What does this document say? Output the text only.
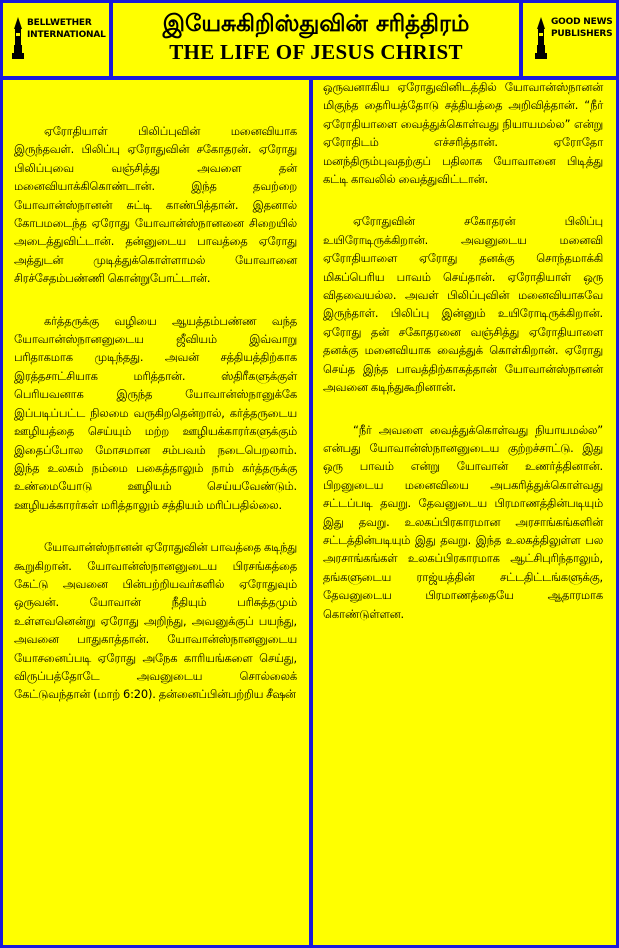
BELLWETHER
INTERNATIONAL	இயேசுகிறிஸ்துவின் சரித்திரம்
THE LIFE OF JESUS CHRIST
GOOD NEWS
PUBLISHERS

ஏரோதியாள் பிலிப்புவின் மனைவியாக இருந்தவள். பிலிப்பு ஏரோதுவின் சகோதரன். ஏரோது பிலிப்புவை வஞ்சித்து அவளை தன் மனைவியாக்கிகொண்டான். இந்த தவற்றை யோவான்ஸ்நானன் சுட்டி காண்பித்தான். இதனால் கோபமடைந்த ஏரோது யோவான்ஸ்நானனை சிறையில் அடைத்துவிட்டான். தன்னுடைய பாவத்தை ஏரோது அத்துடன் முடித்துக்கொள்ளாமல் யோவானை சிரச்சேதம்பண்ணி கொன்றுபோட்டான்.

கர்த்தருக்கு வழியை ஆயத்தம்பண்ண வந்த யோவான்ஸ்நானனுடைய ஜீவியம் இவ்வாறு பரிதாகமாக முடிந்தது. அவன் சத்தியத்திற்காக இரத்தசாட்சியாக மரித்தான். ஸ்திரீகளுக்குள் பெரியவனாக இருந்த யோவான்ஸ்நானுக்கே இப்படிப்பட்ட நிலமை வருகிறதென்றால், கர்த்தருடைய ஊழியத்தை செய்யும் மற்ற ஊழியக்காரர்களுக்கும் இதைப்போல மோசமான சம்பவம் நடைபெறலாம். இந்த உலகம் நம்மை பகைத்தாலும் நாம் கர்த்தருக்கு உண்மையோடு ஊழியம் செய்யவேண்டும். ஊழியக்காரர்கள் மரித்தாலும் சத்தியம் மரிப்பதில்லை.

யோவான்ஸ்நானன் ஏரோதுவின் பாவத்தை கடிந்து கூறுகிறான். யோவான்ஸ்நானனுடைய பிரசங்கத்தை கேட்டு அவனை பின்பற்றியவர்களில் ஏரோதுவும் ஒருவன். யோவான் நீதியும் பரிசுத்தமும் உள்ளவனென்று ஏரோது அறிந்து, அவனுக்குப் பயந்து, அவனை பாதுகாத்தான். யோவான்ஸ்நானனுடைய யோசனைப்படி ஏரோது அநேக காரியங்களை செய்து, விருப்பத்தோடே அவனுடைய சொல்லைக் கேட்டுவந்தான் (மாற் 6:20). தன்னைப்பின்பற்றிய சீஷன்

ஒருவனாகிய ஏரோதுவினிடத்தில் யோவான்ஸ்நானன் மிகுந்த தைரியத்தோடு சத்தியத்தை அறிவித்தான். “நீர் ஏரோதியாளை வைத்துக்கொள்வது நியாயமல்ல” என்று ஏரோதிடம் எச்சரித்தான். ஏரோதோ மனந்திரும்புவதற்குப் பதிலாக யோவானை பிடித்து கட்டி காவலில் வைத்துவிட்டான்.

ஏரோதுவின் சகோதரன் பிலிப்பு உயிரோடிருக்கிறான். அவனுடைய மனைவி ஏரோதியாளை ஏரோது தனக்கு சொந்தமாக்கி மிகப்பெரிய பாவம் செய்தான். ஏரோதியாள் ஒரு விதவையல்ல. அவள் பிலிப்புவின் மனைவியாகவே இருந்தாள். பிலிப்பு இன்னும் உயிரோடிருக்கிறான். ஏரோது தன் சகோதரனை வஞ்சித்து ஏரோதியாளை தனக்கு மனைவியாக வைத்துக் கொள்கிறான். ஏரோது செய்த இந்த பாவத்திற்காகத்தான் யோவான்ஸ்நானன் அவனை கடிந்துகூறினான்.

“நீர் அவளை வைத்துக்கொள்வது நியாயமல்ல” என்பது யோவான்ஸ்நானனுடைய குற்றச்சாட்டு. இது ஒரு பாவம் என்று யோவான் உணர்த்தினான். பிறனுடைய மனைவியை அபகரித்துக்கொள்வது சட்டப்படி தவறு. தேவனுடைய பிரமாணத்தின்படியும் இது தவறு. உலகப்பிரகாரமான அரசாங்கங்களின் சட்டத்தின்படியும் இது தவறு. இந்த உலகத்திலுள்ள பல அரசாங்கங்கள் உலகப்பிரகாரமாக ஆட்சிபுரிந்தாலும், தங்களுடைய ராஜ்யத்தின் சட்டதிட்டங்களுக்கு, தேவனுடைய பிரமாணத்தையே ஆதாரமாக கொண்டுள்ளன.
